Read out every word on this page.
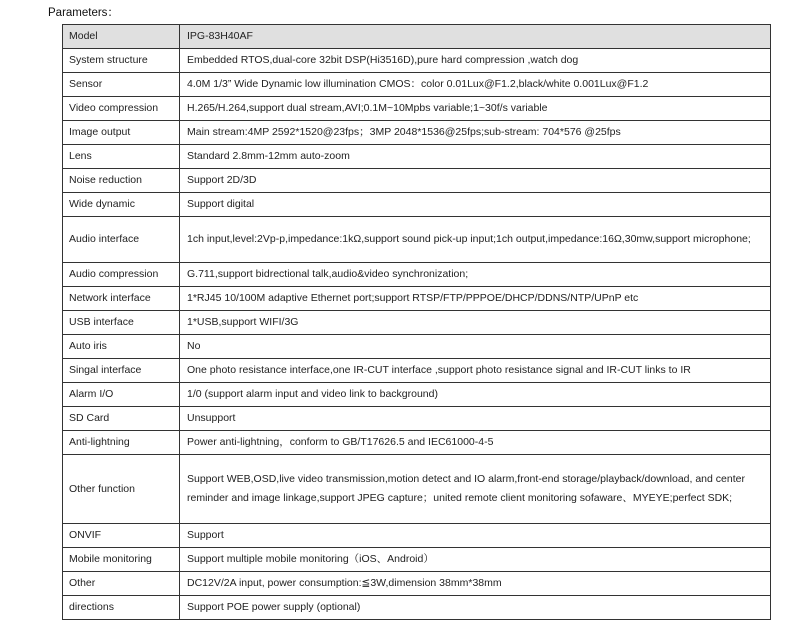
Parameters：
Model	IPG-83H40AF
System structure	Embedded RTOS,dual-core 32bit DSP(Hi3516D),pure hard compression ,watch dog
Sensor	4.0M 1/3” Wide Dynamic low illumination CMOS：color 0.01Lux@F1.2,black/white 0.001Lux@F1.2
Video compression	H.265/H.264,support dual stream,AVI;0.1M~10Mpbs variable;1~30f/s variable
Image output	Main stream:4MP 2592*1520@23fps；3MP 2048*1536@25fps;sub-stream: 704*576 @25fps
Lens	Standard 2.8mm-12mm auto-zoom
Noise reduction	Support 2D/3D
Wide dynamic	Support digital
Audio interface	1ch input,level:2Vp-p,impedance:1kΩ,support sound pick-up input;1ch output,impedance:16Ω,30mw,support microphone;
Audio compression	G.711,support bidrectional talk,audio&video synchronization;
Network interface	1*RJ45 10/100M adaptive Ethernet port;support RTSP/FTP/PPPOE/DHCP/DDNS/NTP/UPnP etc
USB interface	1*USB,support WIFI/3G
Auto iris	No
Singal interface	One photo resistance interface,one IR-CUT interface ,support photo resistance signal and IR-CUT links to IR
Alarm I/O	1/0 (support alarm input and video link to background)
SD Card	Unsupport
Anti-lightning	Power anti-lightning，conform to GB/T17626.5 and IEC61000-4-5
Other function	Support WEB,OSD,live video transmission,motion detect and IO alarm,front-end storage/playback/download, and center reminder and image linkage,support JPEG capture；united remote client monitoring sofaware、MYEYE;perfect SDK;
ONVIF	Support
Mobile monitoring	Support multiple mobile monitoring（iOS、Android）
Other	DC12V/2A input, power consumption:≦3W,dimension 38mm*38mm
directions	Support POE power supply (optional)
